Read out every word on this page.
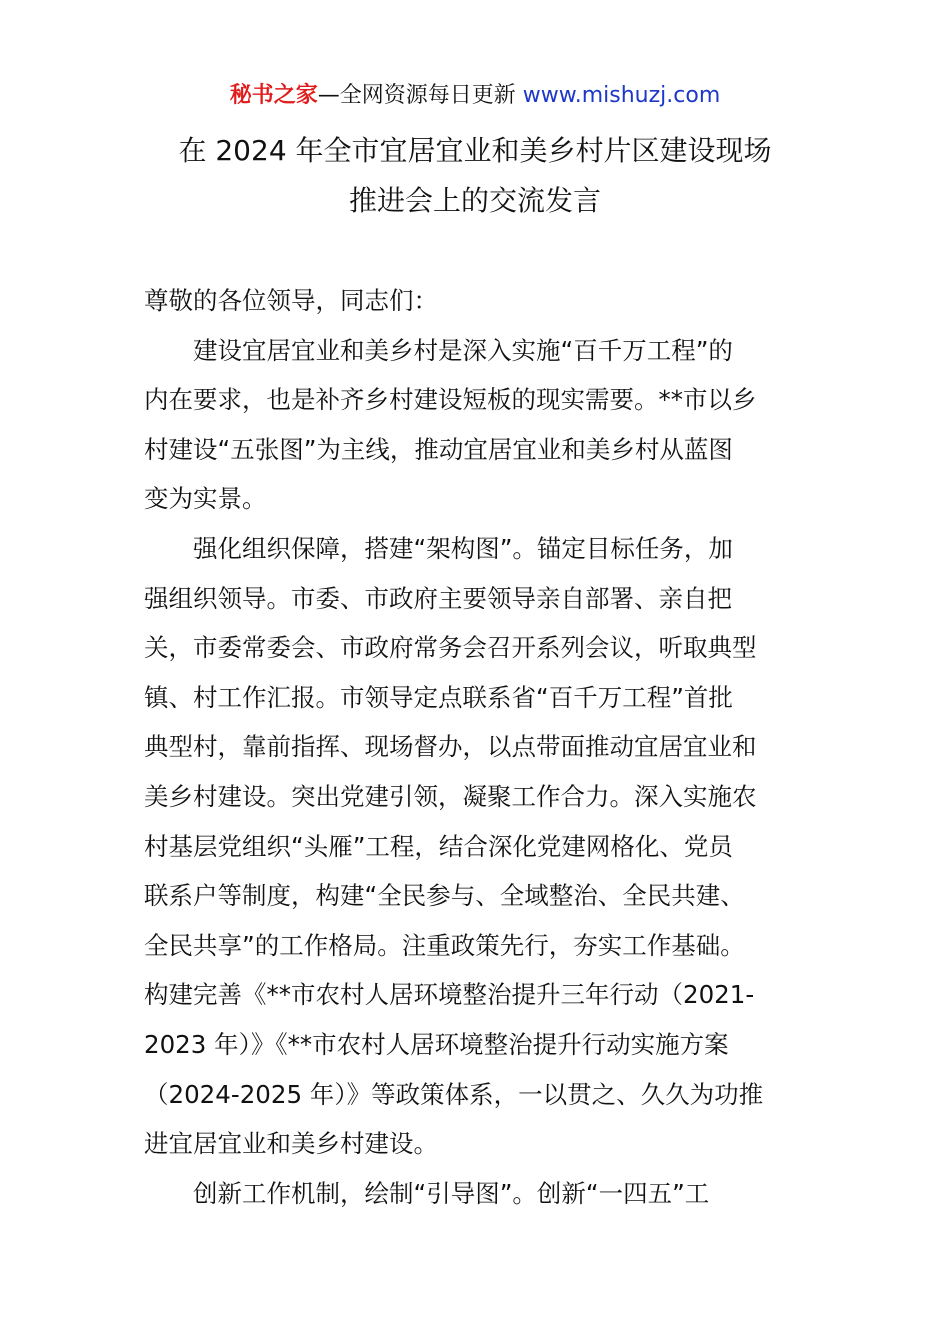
秘书之家—全网资源每日更新 www.mishuzj.com
在 2024 年全市宜居宜业和美乡村片区建设现场
推进会上的交流发言
尊敬的各位领导，同志们：
建设宜居宜业和美乡村是深入实施“百千万工程”的
内在要求，也是补齐乡村建设短板的现实需要。**市以乡
村建设“五张图”为主线，推动宜居宜业和美乡村从蓝图
变为实景。
强化组织保障，搭建“架构图”。锚定目标任务，加
强组织领导。市委、市政府主要领导亲自部署、亲自把
关，市委常委会、市政府常务会召开系列会议，听取典型
镇、村工作汇报。市领导定点联系省“百千万工程”首批
典型村，靠前指挥、现场督办，以点带面推动宜居宜业和
美乡村建设。突出党建引领，凝聚工作合力。深入实施农
村基层党组织“头雁”工程，结合深化党建网格化、党员
联系户等制度，构建“全民参与、全域整治、全民共建、
全民共享”的工作格局。注重政策先行，夯实工作基础。
构建完善《**市农村人居环境整治提升三年行动（2021-
2023 年）》《**市农村人居环境整治提升行动实施方案
（2024-2025 年）》等政策体系，一以贯之、久久为功推
进宜居宜业和美乡村建设。
创新工作机制，绘制“引导图”。创新“一四五”工
